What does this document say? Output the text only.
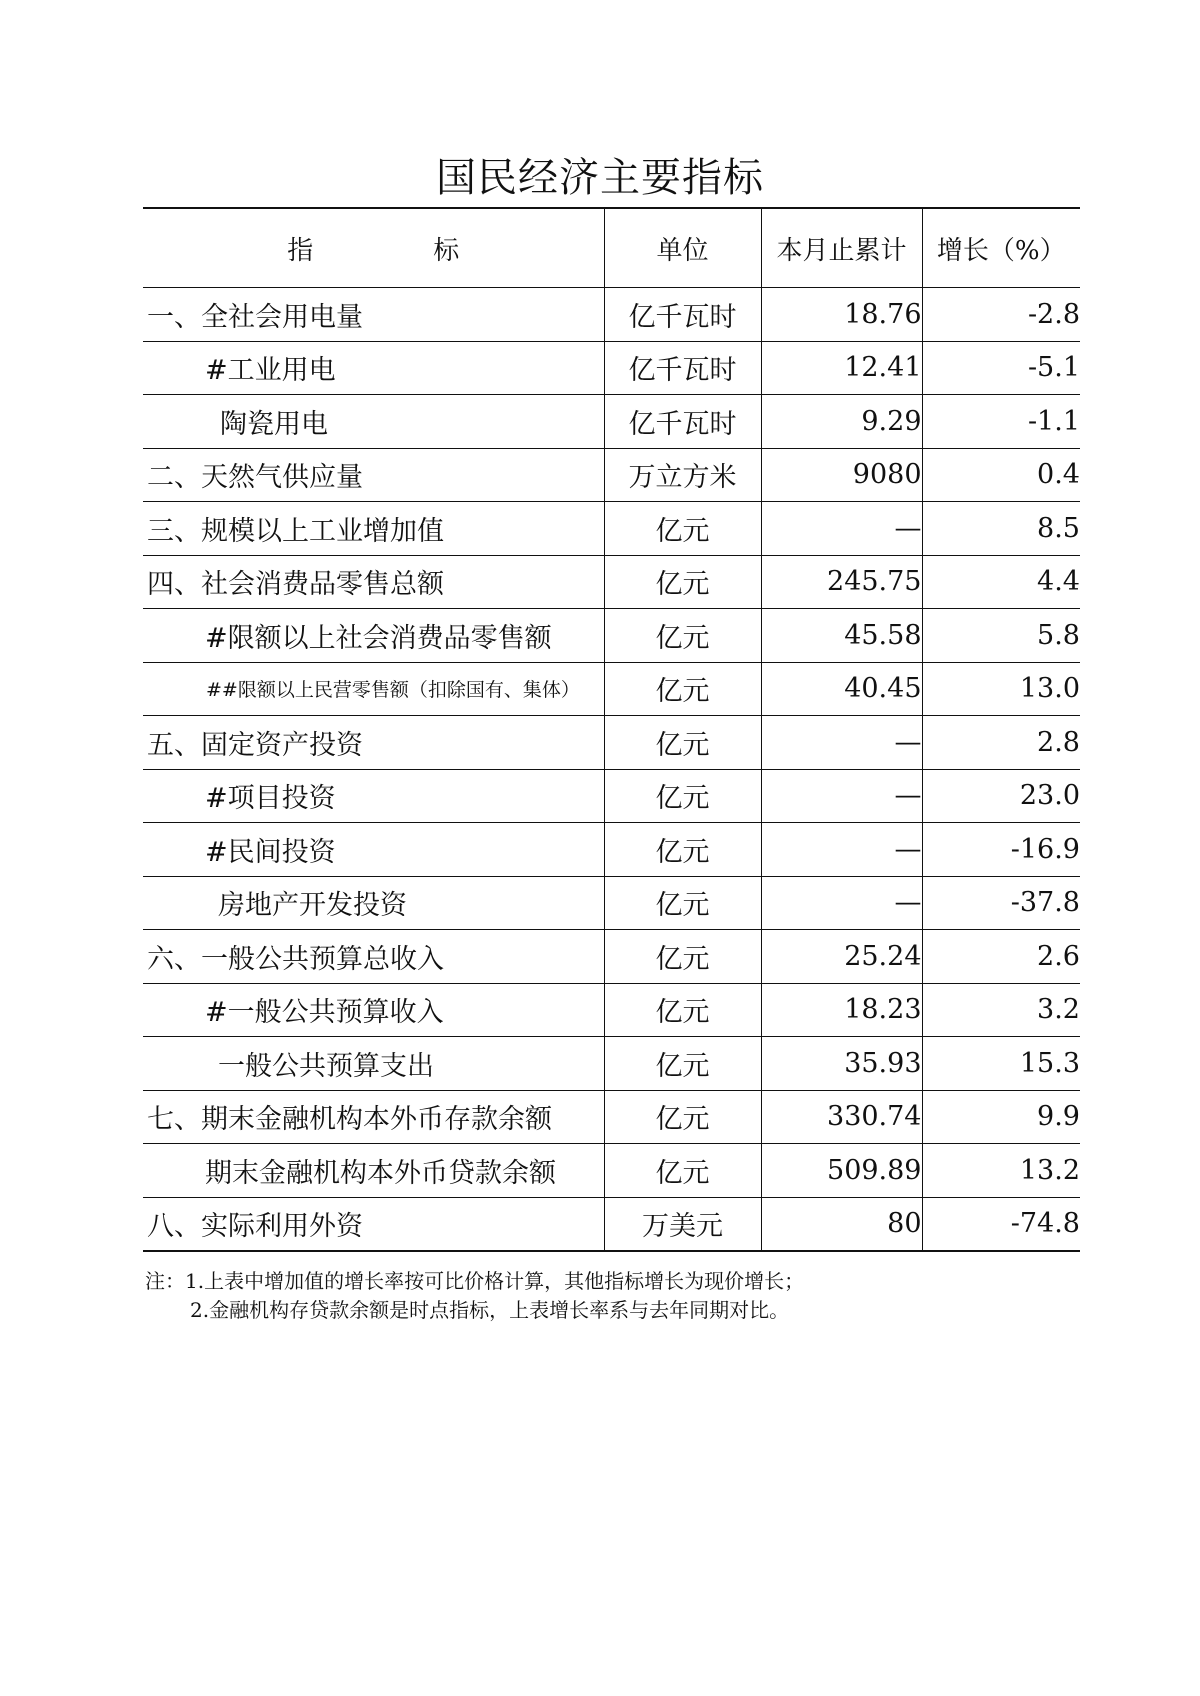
国民经济主要指标
指 标	单位	本月止累计	增长（%）
一、全社会用电量	亿千瓦时	18.76	-2.8
#工业用电	亿千瓦时	12.41	-5.1
陶瓷用电	亿千瓦时	9.29	-1.1
二、天然气供应量	万立方米	9080	0.4
三、规模以上工业增加值	亿元	—	8.5
四、社会消费品零售总额	亿元	245.75	4.4
#限额以上社会消费品零售额	亿元	45.58	5.8
##限额以上民营零售额（扣除国有、集体）	亿元	40.45	13.0
五、固定资产投资	亿元	—	2.8
#项目投资	亿元	—	23.0
#民间投资	亿元	—	-16.9
房地产开发投资	亿元	—	-37.8
六、一般公共预算总收入	亿元	25.24	2.6
#一般公共预算收入	亿元	18.23	3.2
一般公共预算支出	亿元	35.93	15.3
七、期末金融机构本外币存款余额	亿元	330.74	9.9
期末金融机构本外币贷款余额	亿元	509.89	13.2
八、实际利用外资	万美元	80	-74.8
注：1.上表中增加值的增长率按可比价格计算，其他指标增长为现价增长；
2.金融机构存贷款余额是时点指标，上表增长率系与去年同期对比。
